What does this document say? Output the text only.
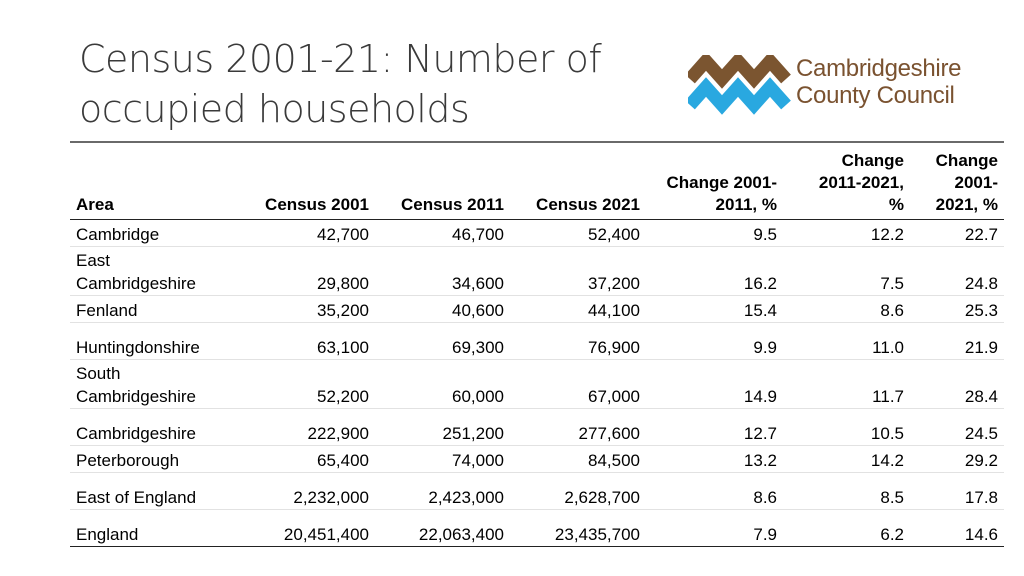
Census 2001-21: Number of occupied households
Cambridgeshire
County Council
Area	Census 2001	Census 2011	Census 2021	Change 2001-2011, %	Change 2011-2021, %	Change 2001-2021, %
Cambridge	42,700	46,700	52,400	9.5	12.2	22.7
East Cambridgeshire	29,800	34,600	37,200	16.2	7.5	24.8
Fenland	35,200	40,600	44,100	15.4	8.6	25.3
Huntingdonshire	63,100	69,300	76,900	9.9	11.0	21.9
South Cambridgeshire	52,200	60,000	67,000	14.9	11.7	28.4
Cambridgeshire	222,900	251,200	277,600	12.7	10.5	24.5
Peterborough	65,400	74,000	84,500	13.2	14.2	29.2
East of England	2,232,000	2,423,000	2,628,700	8.6	8.5	17.8
England	20,451,400	22,063,400	23,435,700	7.9	6.2	14.6
